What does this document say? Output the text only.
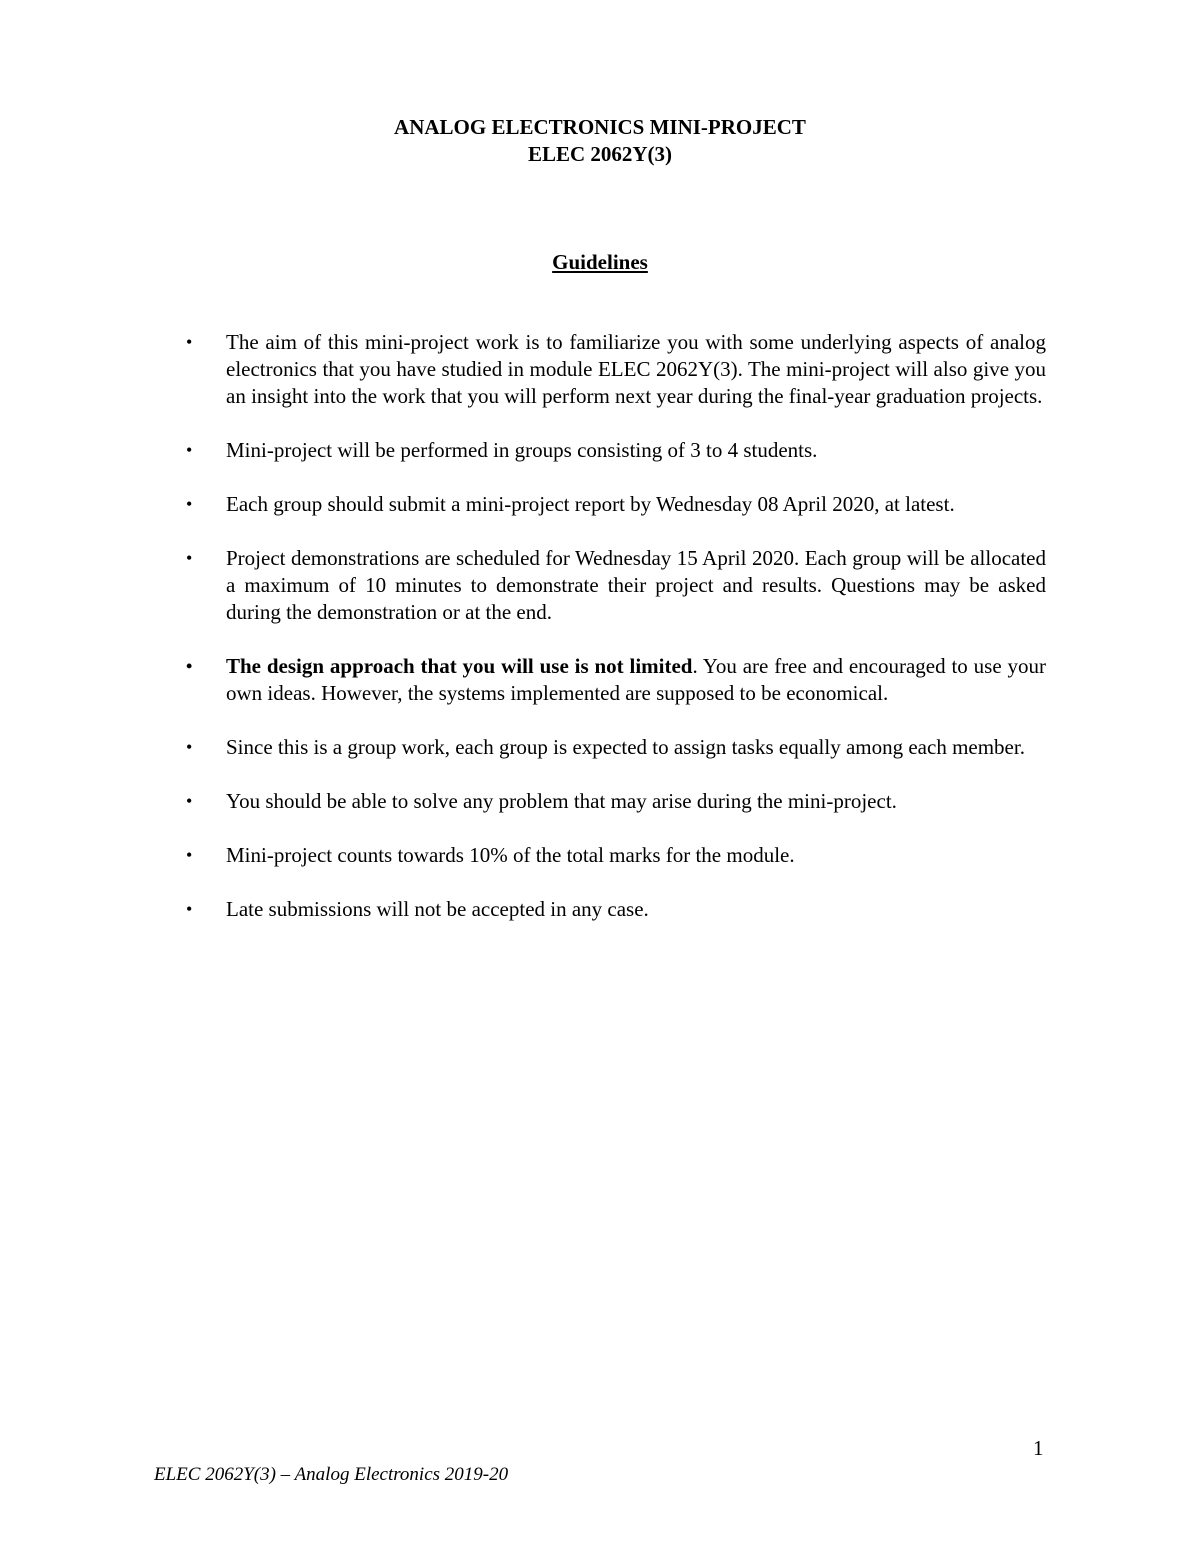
ANALOG ELECTRONICS MINI-PROJECT
ELEC 2062Y(3)
Guidelines
•	The aim of this mini-project work is to familiarize you with some underlying aspects of analog electronics that you have studied in module ELEC 2062Y(3). The mini-project will also give you an insight into the work that you will perform next year during the final-year graduation projects.
•	Mini-project will be performed in groups consisting of 3 to 4 students.
•	Each group should submit a mini-project report by Wednesday 08 April 2020, at latest.
•	Project demonstrations are scheduled for Wednesday 15 April 2020. Each group will be allocated a maximum of 10 minutes to demonstrate their project and results. Questions may be asked during the demonstration or at the end.
•	The design approach that you will use is not limited. You are free and encouraged to use your own ideas. However, the systems implemented are supposed to be economical.
•	Since this is a group work, each group is expected to assign tasks equally among each member.
•	You should be able to solve any problem that may arise during the mini-project.
•	Mini-project counts towards 10% of the total marks for the module.
•	Late submissions will not be accepted in any case.
1
ELEC 2062Y(3) – Analog Electronics 2019-20
